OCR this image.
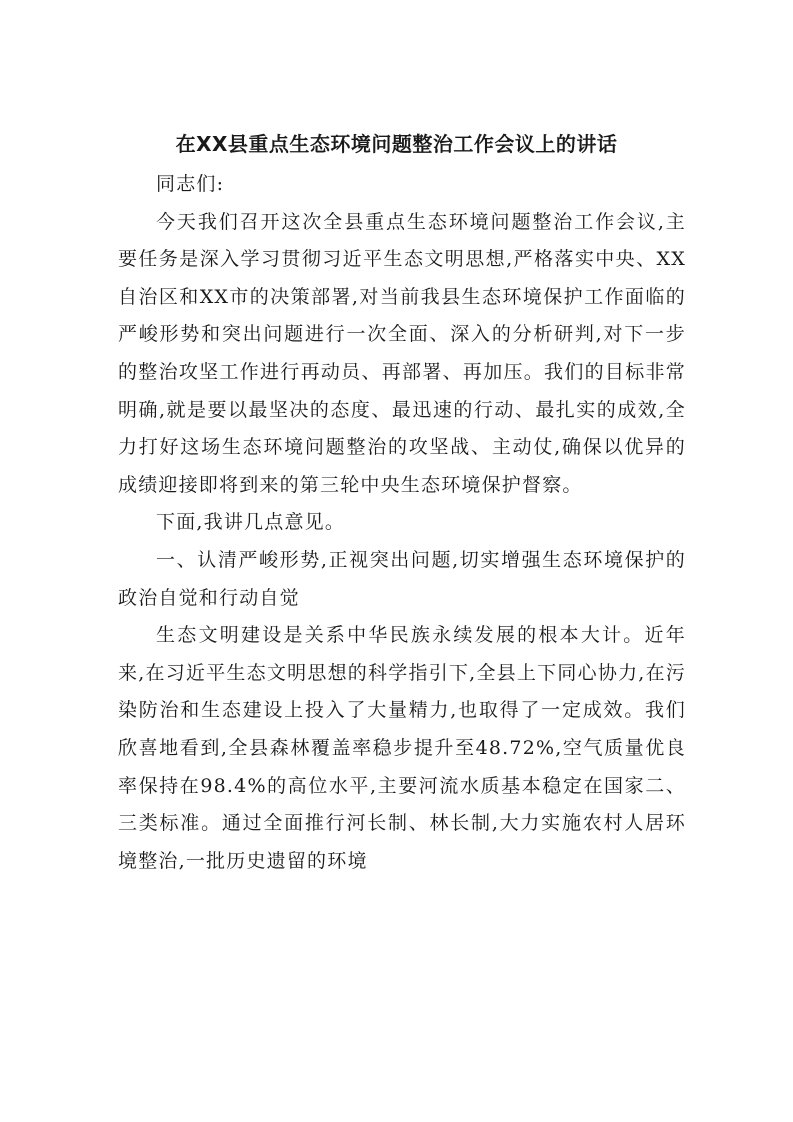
在XX县重点生态环境问题整治工作会议上的讲话

同志们:

今天我们召开这次全县重点生态环境问题整治工作会议,主要任务是深入学习贯彻习近平生态文明思想,严格落实中央、XX自治区和XX市的决策部署,对当前我县生态环境保护工作面临的严峻形势和突出问题进行一次全面、深入的分析研判,对下一步的整治攻坚工作进行再动员、再部署、再加压。我们的目标非常明确,就是要以最坚决的态度、最迅速的行动、最扎实的成效,全力打好这场生态环境问题整治的攻坚战、主动仗,确保以优异的成绩迎接即将到来的第三轮中央生态环境保护督察。

下面,我讲几点意见。

一、认清严峻形势,正视突出问题,切实增强生态环境保护的政治自觉和行动自觉

生态文明建设是关系中华民族永续发展的根本大计。近年来,在习近平生态文明思想的科学指引下,全县上下同心协力,在污染防治和生态建设上投入了大量精力,也取得了一定成效。我们欣喜地看到,全县森林覆盖率稳步提升至48.72%,空气质量优良率保持在98.4%的高位水平,主要河流水质基本稳定在国家二、三类标准。通过全面推行河长制、林长制,大力实施农村人居环境整治,一批历史遗留的环境
